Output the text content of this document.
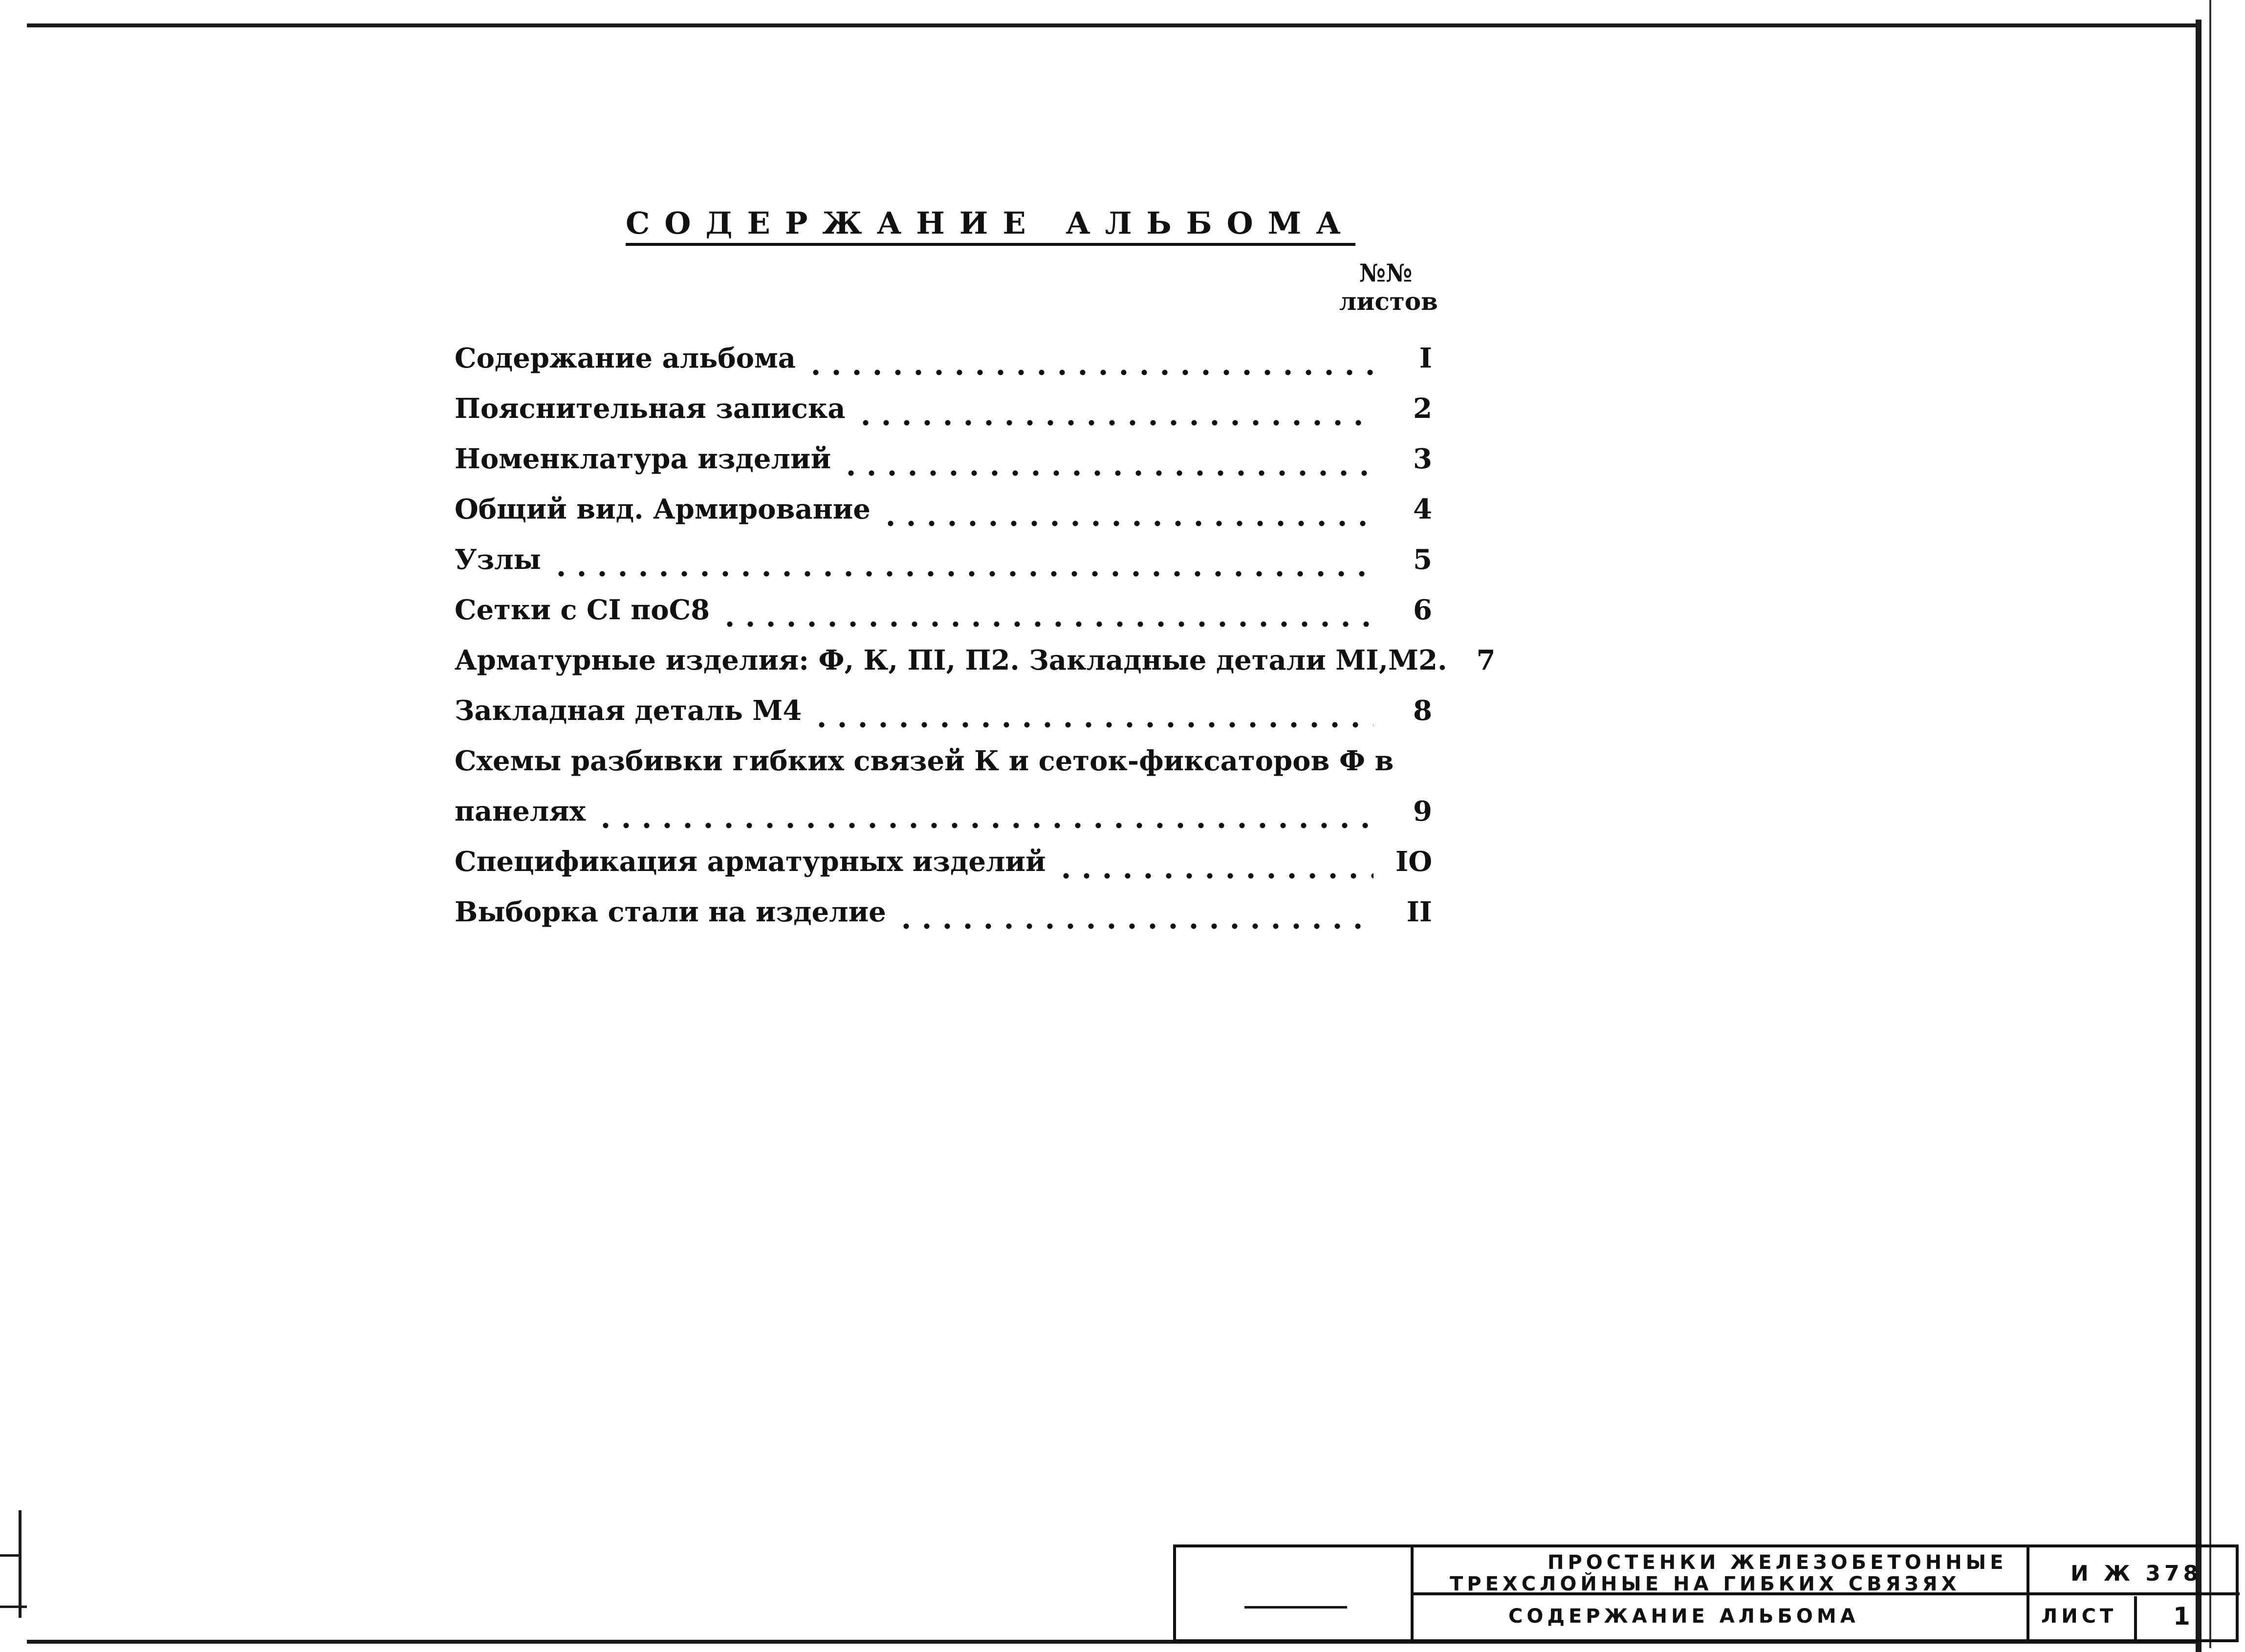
СОДЕРЖАНИЕ АЛЬБОМА
№№
листов
Содержание альбома	I
Пояснительная записка	2
Номенклатура изделий	3
Общий вид. Армирование	4
Узлы	5
Сетки с СI поС8	6
Арматурные изделия: Ф, К, ПI, П2. Закладные детали МI,М2.	7
Закладная деталь М4	8
Схемы разбивки гибких связей К и сеток-фиксаторов Ф в
панелях	9
Спецификация арматурных изделий	IO
Выборка стали на изделие	II
ПРОСТЕНКИ ЖЕЛЕЗОБЕТОННЫЕ
ТРЕХСЛОЙНЫЕ НА ГИБКИХ СВЯЗЯХ
СОДЕРЖАНИЕ АЛЬБОМА
И Ж 378
ЛИСТ 1
